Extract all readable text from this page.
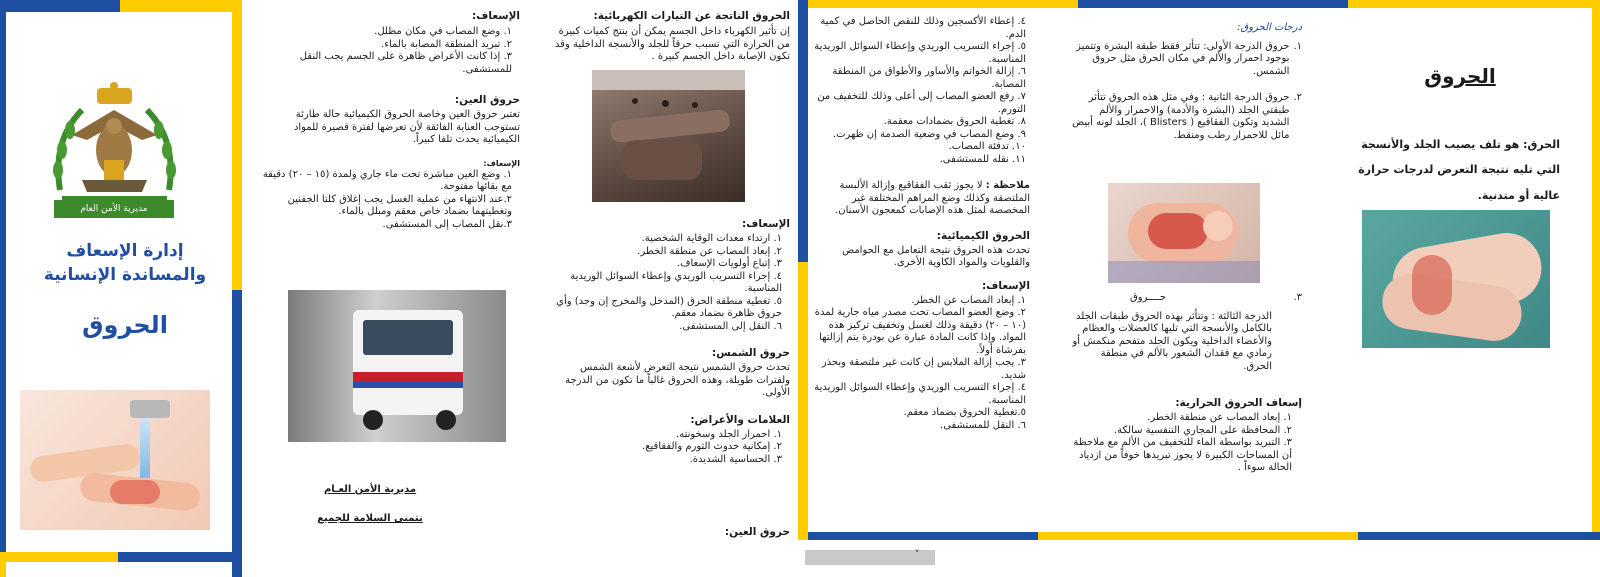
مديرية الأمن العام
إدارة الإسعاف والمساندة الإنسانية
الحروق
الإسعاف:
١. وضع المصاب في مكان مظلل.
٢. تبريد المنطقة المصابة بالماء.
٣. إذا كانت الأعراض ظاهرة على الجسم يجب النقل للمستشفى.
حروق العين:
تعتبر حروق العين وخاصة الحروق الكيميائية حالة طارئة تستوجب العناية الفائقة لأن تعرضها لفترة قصيرة للمواد الكيميائية يحدث تلفا كبيراً.
الإسعاف:
١. وضع العين مباشرة تحت ماء جاري ولمدة (١٥ – ٢٠) دقيقة مع بقائها مفتوحة.
٢.عند الانتهاء من عملية الغسل يجب إغلاق كلتا الجفنين وتغطيتهما بضماد خاص معقم ومبلل بالماء.
٣.نقل المصاب إلى المستشفى.
مديرية الأمن العـام
نتمنى السلامة للجميع
الحروق الناتجة عن التيارات الكهربائية:
إن تأثير الكهرباء داخل الجسم يمكن أن ينتج كميات كبيرة من الحرارة التي تسبب حرقاً للجلد والأنسجة الداخلية وقد تكون الإصابة داخل الجسم كبيرة .
الإسعاف:
١. ارتداء معدات الوقاية الشخصية.
٢. إبعاد المصاب عن منطقة الخطر.
٣. إتباع أولويات الإسعاف.
٤. إجراء التسريب الوريدي وإعطاء السوائل الوريدية المناسبة.
٥. تغطية منطقة الحرق (المدخل والمخرج إن وجد) وأي حروق ظاهرة بضماد معقم.
٦. النقل إلى المستشفى.
حروق الشمس:
تحدث حروق الشمس نتيجة التعرض لأشعة الشمس ولفترات طويلة، وهذه الحروق غالباً ما تكون من الدرجة الأولى.
العلامات والأعراض:
١. احمرار الجلد وسخونته.
٢. إمكانية حدوث التورم والفقاقيع.
٣. الحساسية الشديدة.
حروق العين:
٤. إعطاء الأكسجين وذلك للنقص الحاصل في كمية الدم.
٥. إجراء التسريب الوريدي وإعطاء السوائل الوريدية المناسبة.
٦. إزالة الخواتم والأساور والأطواق من المنطقة المصابة.
٧. رفع العضو المصاب إلى أعلى وذلك للتخفيف من التورم.
٨. تغطية الحروق بضمادات معقمة.
٩. وضع المصاب في وضعية الصدمة إن ظهرت.
١٠. تدفئة المصاب.
١١. نقله للمستشفى.
ملاحظة : لا يجوز ثقب الفقاقيع وإزالة الألبسة الملتصقة وكذلك وضع المراهم المختلفة غير المخصصة لمثل هذه الإصابات كمعجون الأسنان.
الحروق الكيميائية:
تحدث هذه الحروق نتيجة التعامل مع الحوامض والقلويات والمواد الكاوية الأخرى.
الإسعاف:
١. إبعاد المصاب عن الخطر.
٢. وضع العضو المصاب تحت مصدر مياه جارية لمدة (١٠ – ٢٠) دقيقة وذلك لغسل وتخفيف تركيز هذه المواد. وإذا كانت المادة عبارة عن بودرة يتم إزالتها بفرشاة أولاً.
٣. يجب إزالة الملابس إن كانت غير ملتصقة وبحذر شديد.
٤. إجراء التسريب الوريدي وإعطاء السوائل الوريدية المناسبة.
٥.تغطية الحروق بضماد معقم.
٦. النقل للمستشفى.
درجات الحروق:
١.
حروق الدرجة الأولى: تتأثر فقط طبقة البشرة وتتميز بوجود احمرار والألم في مكان الحرق مثل حروق الشمس.
٢.
حروق الدرجة الثانية : وفي مثل هذه الحروق تتأثر طبقتي الجلد (البشرة والأدمة) والاحمرار والألم الشديد وتكون الفقاقيع ( Blisters )، الجلد لونه أبيض مائل للاحمرار رطب ومنقط.
٣.
حــــروق
الدرجة الثالثة : وتتأثر بهذه الحروق طبقات الجلد بالكامل والأنسجة التي تليها كالعضلات والعظام والأعضاء الداخلية ويكون الجلد متفحم منكمش أو رمادي مع فقدان الشعور بالألم في منطقة الحرق.
إسعاف الحروق الحرارية:
١. إبعاد المصاب عن منطقة الخطر.
٢. المحافظة على المجاري التنفسية سالكة.
٣. التبريد بواسطة الماء للتخفيف من الألم مع ملاحظة أن المساحات الكبيرة لا يجوز تبريدها خوفاً من ازدياد الحالة سوءاً .
الحروق
الحرق: هو تلف يصيب الجلد والأنسجة التي تليه نتيجة التعرض لدرجات حرارة عالية أو متدنية.
˅
